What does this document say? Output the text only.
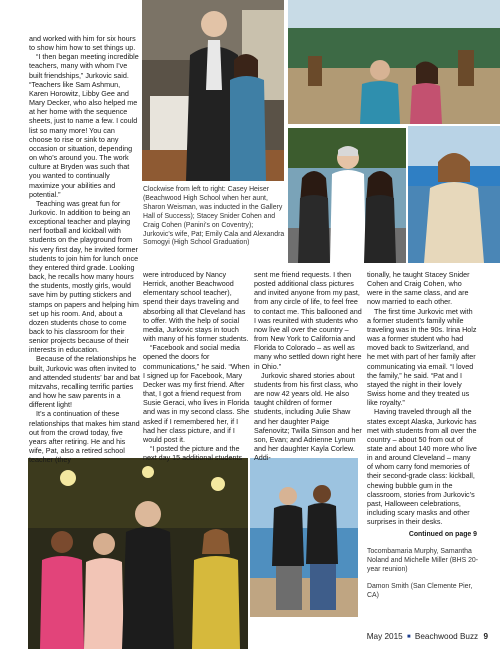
and worked with him for six hours to show him how to set things up.

“I then began meeting incredible teachers, many with whom I’ve built friendships,” Jurkovic said. “Teachers like Sam Ashmun, Karen Horowitz, Libby Gee and Mary Decker, who also helped me at her home with the sequence sheets, just to name a few. I could list so many more! You can choose to rise or sink to any occasion or situation, depending on who’s around you. The work culture at Bryden was such that you wanted to continually maximize your abilities and potential.”

Teaching was great fun for Jurkovic. In addition to being an exceptional teacher and playing nerf football and kickball with students on the playground from his very first day, he invited former students to join him for lunch once they entered third grade. Looking back, he recalls how many hours the students, mostly girls, would save him by putting stickers and stamps on papers and helping him set up his room. And, about a dozen students chose to come back to his classroom for their senior projects because of their interests in education.

Because of the relationships he built, Jurkovic was often invited to and attended students’ bar and bat mitzvahs, recalling terrific parties and how he saw parents in a different light!

It’s a continuation of these relationships that makes him stand out from the crowd today, five years after retiring. He and his wife, Pat, also a retired school teacher (they

were introduced by Nancy Herrick, another Beachwood elementary school teacher), spend their days traveling and absorbing all that Cleveland has to offer. With the help of social media, Jurkovic stays in touch with many of his former students.

“Facebook and social media opened the doors for communications,” he said. “When I signed up for Facebook, Mary Decker was my first friend. After that, I got a friend request from Susie Geraci, who lives in Florida and was in my second class. She asked if I remembered her, if I had her class picture, and if I would post it.

“I posted the picture and the next day 15 additional students

sent me friend requests. I then posted additional class pictures and invited anyone from my past, from any circle of life, to feel free to contact me. This ballooned and I was reunited with students who now live all over the country – from New York to California and Florida to Colorado – as well as many who settled down right here in Ohio.”

Jurkovic shared stories about students from his first class, who are now 42 years old. He also taught children of former students, including Julie Shaw and her daughter Paige Safenovitz; Twilla Simson and her son, Evan; and Adrienne Lynum and her daughter Kayla Corlew. Addi-

tionally, he taught Stacey Snider Cohen and Craig Cohen, who were in the same class, and are now married to each other.

The first time Jurkovic met with a former student’s family while traveling was in the 90s. Irina Holz was a former student who had moved back to Switzerland, and he met with part of her family after communicating via email. “I loved the family,” he said. “Pat and I stayed the night in their lovely Swiss home and they treated us like royalty.”

Having traveled through all the states except Alaska, Jurkovic has met with students from all over the country – about 50 from out of state and about 140 more who live in and around Cleveland – many of whom carry fond memories of their second-grade class: kickball, chewing bubble gum in the classroom, stories from Jurkovic’s past, Halloween celebrations, including scary masks and other surprises in their desks.

Continued on page 9

Clockwise from left to right: Casey Heiser (Beachwood High School when her aunt, Sharon Weisman, was inducted in the Gallery Hall of Success); Stacey Snider Cohen and Craig Cohen (Panini’s on Coventry); Jurkovic’s wife, Pat; Emily Cala and Alexandra Somogyi (High School Graduation)
Tocombamaria Murphy, Samantha Noland and Michelle Miller (BHS 20-year reunion)
Damon Smith (San Clemente Pier, CA)
May 2015 ■ Beachwood Buzz 9
